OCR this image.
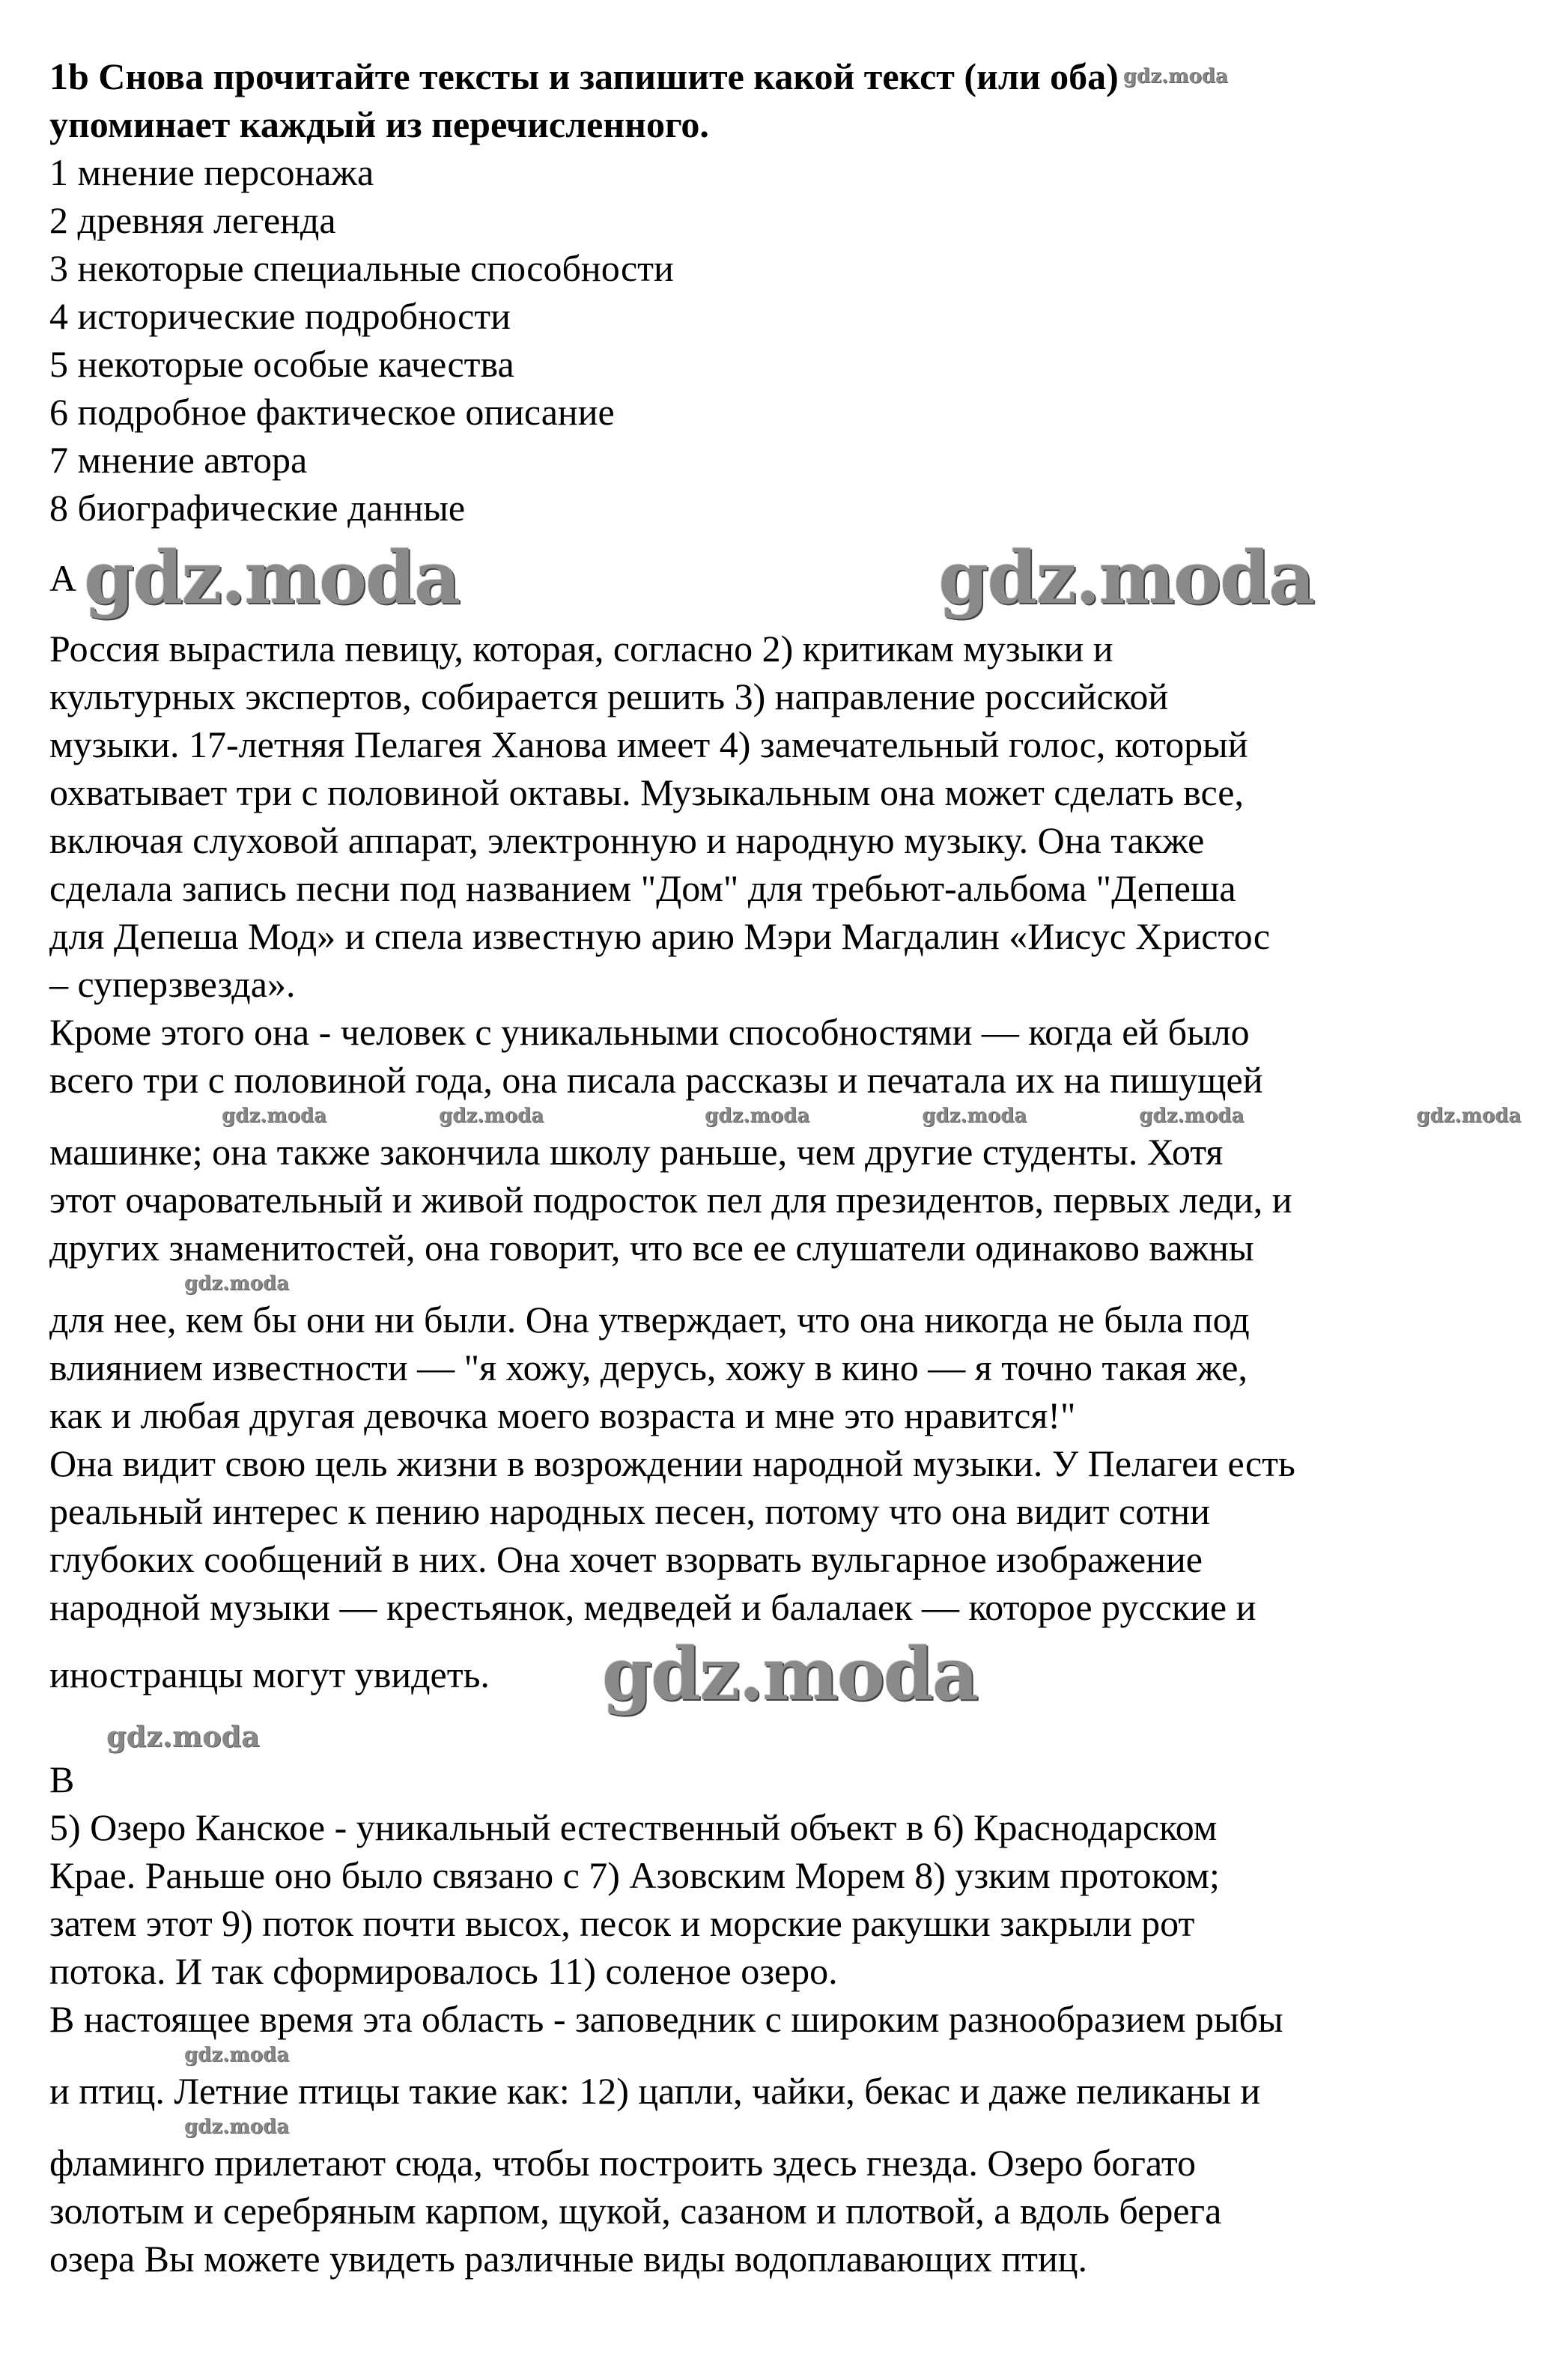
1b Снова прочитайте тексты и запишите какой текст (или оба) gdz.moda
упоминает каждый из перечисленного.
1 мнение персонажа
2 древняя легенда
3 некоторые специальные способности
4 исторические подробности
5 некоторые особые качества
6 подробное фактическое описание
7 мнение автора
8 биографические данные
A gdz.moda	gdz.moda
Россия вырастила певицу, которая, согласно 2) критикам музыки и
культурных экспертов, собирается решить 3) направление российской
музыки. 17-летняя Пелагея Ханова имеет 4) замечательный голос, который
охватывает три с половиной октавы. Музыкальным она может сделать все,
включая слуховой аппарат, электронную и народную музыку. Она также
сделала запись песни под названием "Дом" для требьют-альбома "Депеша
для Депеша Мод» и спела известную арию Мэри Магдалин «Иисус Христос
– суперзвезда».
Кроме этого она - человек с уникальными способностями — когда ей было
всего три с половиной года, она писала рассказы и печатала их на пишущей
gdz.moda	gdz.moda	gdz.moda	gdz.moda	gdz.moda	gdz.moda
машинке; она также закончила школу раньше, чем другие студенты. Хотя
этот очаровательный и живой подросток пел для президентов, первых леди, и
других знаменитостей, она говорит, что все ее слушатели одинаково важны
gdz.moda
для нее, кем бы они ни были. Она утверждает, что она никогда не была под
влиянием известности — "я хожу, дерусь, хожу в кино — я точно такая же,
как и любая другая девочка моего возраста и мне это нравится!"
Она видит свою цель жизни в возрождении народной музыки. У Пелагеи есть
реальный интерес к пению народных песен, потому что она видит сотни
глубоких сообщений в них. Она хочет взорвать вульгарное изображение
народной музыки — крестьянок, медведей и балалаек — которое русские и
иностранцы могут увидеть. gdz.moda
gdz.moda
B
5) Озеро Канское - уникальный естественный объект в 6) Краснодарском
Крае. Раньше оно было связано с 7) Азовским Морем 8) узким протоком;
затем этот 9) поток почти высох, песок и морские ракушки закрыли рот
потока. И так сформировалось 11) соленое озеро.
В настоящее время эта область - заповедник с широким разнообразием рыбы
gdz.moda
и птиц. Летние птицы такие как: 12) цапли, чайки, бекас и даже пеликаны и
gdz.moda
фламинго прилетают сюда, чтобы построить здесь гнезда. Озеро богато
золотым и серебряным карпом, щукой, сазаном и плотвой, а вдоль берега
озера Вы можете увидеть различные виды водоплавающих птиц.
